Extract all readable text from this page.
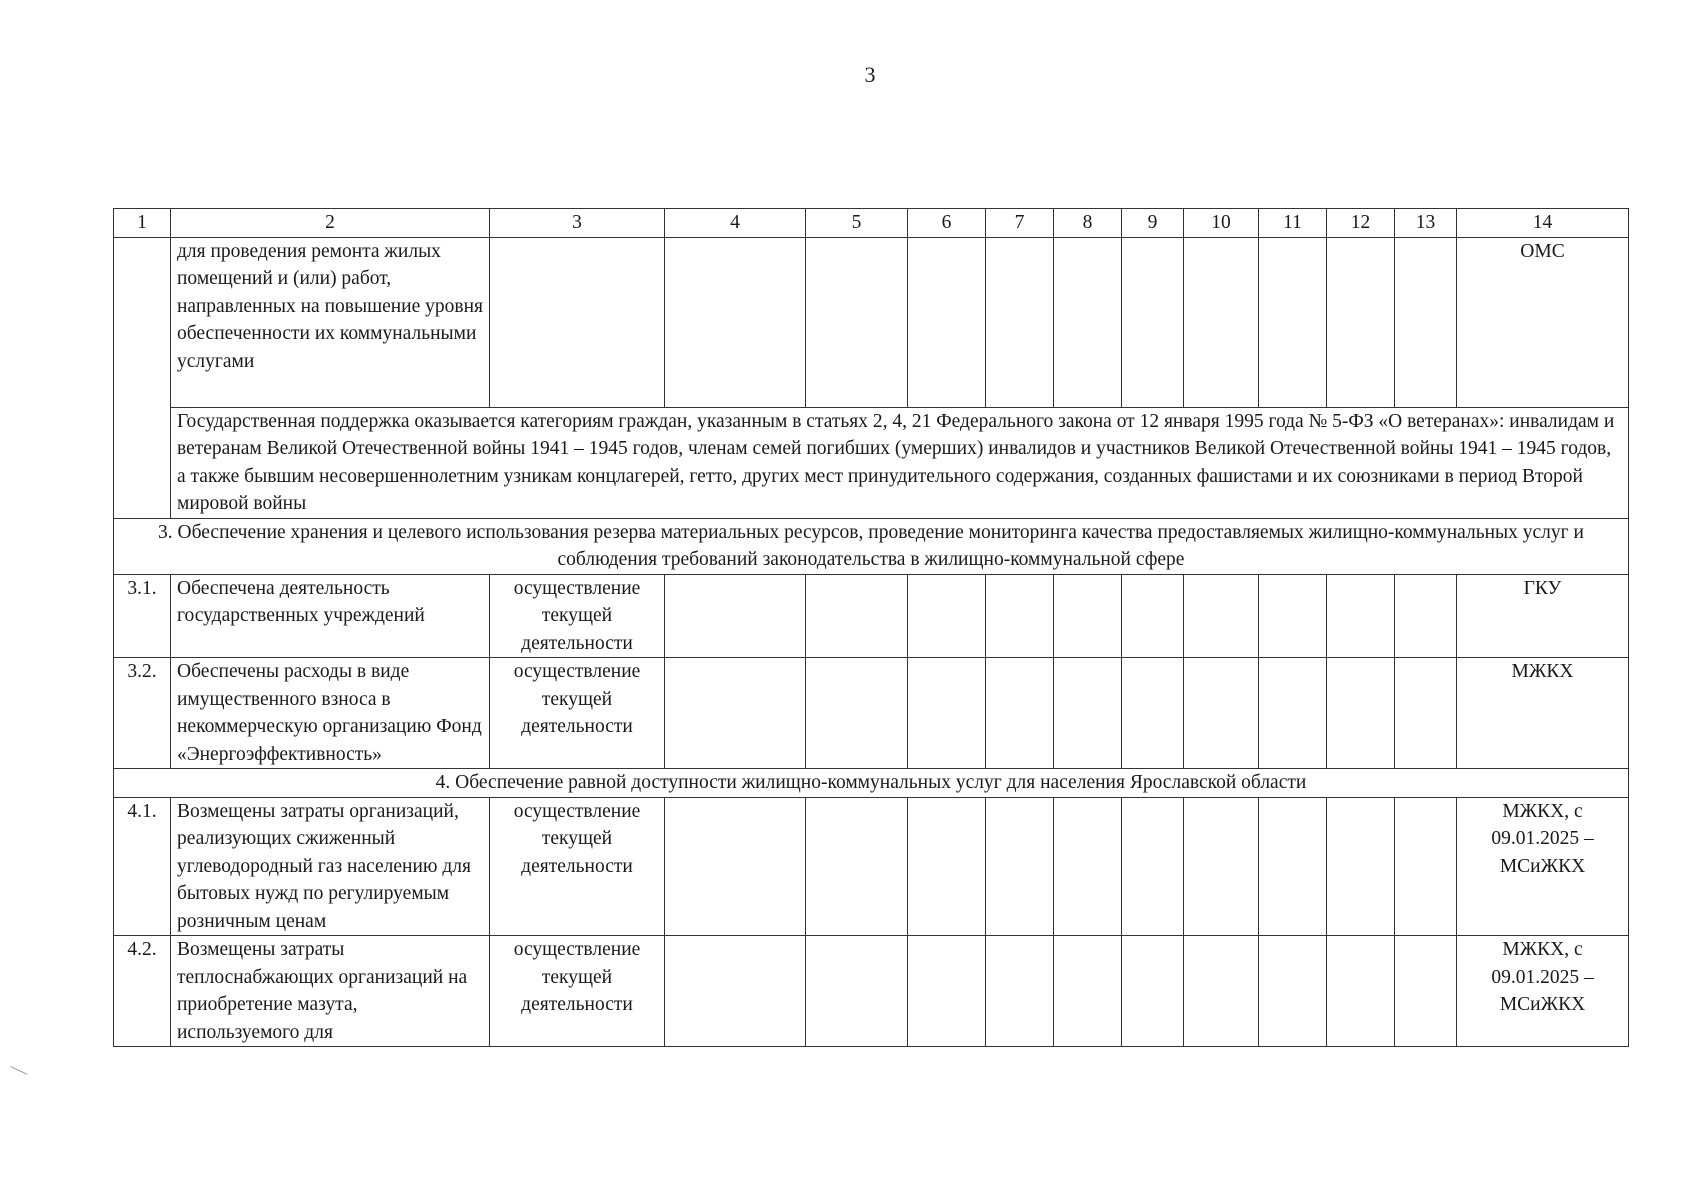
3
1	2	3	4	5	6	7	8	9	10	11	12	13	14
	для проведения ремонта жилых помещений и (или) работ, направленных на повышение уровня обеспеченности их коммунальными услугами												ОМС
	Государственная поддержка оказывается категориям граждан, указанным в статьях 2, 4, 21 Федерального закона от 12 января 1995 года № 5-ФЗ «О ветеранах»: инвалидам и ветеранам Великой Отечественной войны 1941 – 1945 годов, членам семей погибших (умерших) инвалидов и участников Великой Отечественной войны 1941 – 1945 годов, а также бывшим несовершеннолетним узникам концлагерей, гетто, других мест принудительного содержания, созданных фашистами и их союзниками в период Второй мировой войны												
3. Обеспечение хранения и целевого использования резерва материальных ресурсов, проведение мониторинга качества предоставляемых жилищно-коммунальных услуг и соблюдения требований законодательства в жилищно-коммунальной сфере													
3.1.	Обеспечена деятельность государственных учреждений	осуществление текущей деятельности											ГКУ
3.2.	Обеспечены расходы в виде имущественного взноса в некоммерческую организацию Фонд «Энергоэффективность»	осуществление текущей деятельности											МЖКХ
4. Обеспечение равной доступности жилищно-коммунальных услуг для населения Ярославской области													
4.1.	Возмещены затраты организаций, реализующих сжиженный углеводородный газ населению для бытовых нужд по регулируемым розничным ценам	осуществление текущей деятельности											МЖКХ, с 09.01.2025 – МСиЖКХ
4.2.	Возмещены затраты теплоснабжающих организаций на приобретение мазута, используемого для	осуществление текущей деятельности											МЖКХ, с 09.01.2025 – МСиЖКХ
